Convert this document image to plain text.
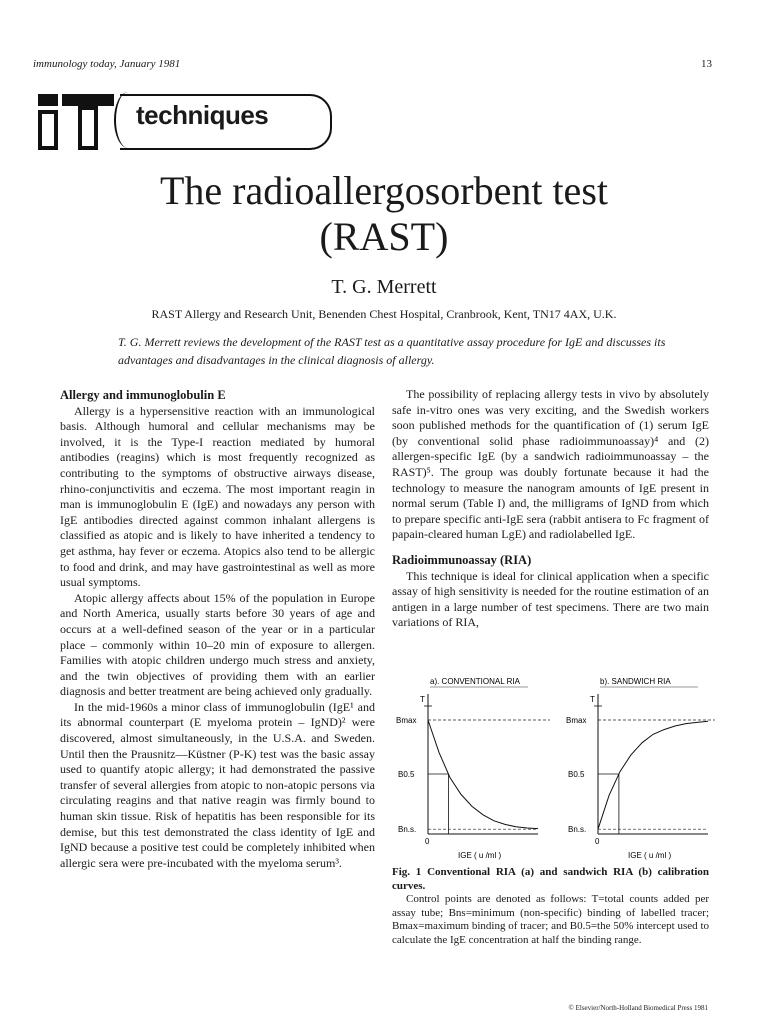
immunology today, January 1981	13
techniques
The radioallergosorbent test
(RAST)
T. G. Merrett
RAST Allergy and Research Unit, Benenden Chest Hospital, Cranbrook, Kent, TN17 4AX, U.K.
T. G. Merrett reviews the development of the RAST test as a quantitative assay procedure for IgE and discusses its advantages and disadvantages in the clinical diagnosis of allergy.
Allergy and immunoglobulin E

Allergy is a hypersensitive reaction with an immunological basis. Although humoral and cellular mechanisms may be involved, it is the Type-I reaction mediated by humoral antibodies (reagins) which is most frequently recognized as contributing to the symptoms of obstructive airways disease, rhino-conjunctivitis and eczema. The most important reagin in man is immunoglobulin E (IgE) and nowadays any person with IgE antibodies directed against common inhalant allergens is classified as atopic and is likely to have inherited a tendency to get asthma, hay fever or eczema. Atopics also tend to be allergic to food and drink, and may have gastrointestinal as well as more usual symptoms.

Atopic allergy affects about 15% of the population in Europe and North America, usually starts before 30 years of age and occurs at a well-defined season of the year or in a particular place – commonly within 10–20 min of exposure to allergen. Families with atopic children undergo much stress and anxiety, and the twin objectives of providing them with an earlier diagnosis and better treatment are being achieved only gradually.

In the mid-1960s a minor class of immunoglobulin (IgE¹ and its abnormal counterpart (E myeloma protein – IgND)² were discovered, almost simultaneously, in the U.S.A. and Sweden. Until then the Prausnitz—Küstner (P-K) test was the basic assay used to quantify atopic allergy; it had demonstrated the passive transfer of several allergies from atopic to non-atopic persons via circulating reagins and that native reagin was firmly bound to human skin tissue. Risk of hepatitis has been responsible for its demise, but this test demonstrated the class identity of IgE and IgND because a positive test could be completely inhibited when allergic sera were pre-incubated with the myeloma serum³.

The possibility of replacing allergy tests in vivo by absolutely safe in-vitro ones was very exciting, and the Swedish workers soon published methods for the quantification of (1) serum IgE (by conventional solid phase radioimmunoassay)⁴ and (2) allergen-specific IgE (by a sandwich radioimmunoassay – the RAST)⁵. The group was doubly fortunate because it had the technology to measure the nanogram amounts of IgE present in normal serum (Table I) and, the milligrams of IgND from which to prepare specific anti-IgE sera (rabbit antisera to Fc fragment of papain-cleared human LgE) and radiolabelled IgE.

Radioimmunoassay (RIA)

This technique is ideal for clinical application when a specific assay of high sensitivity is needed for the routine estimation of an antigen in a large number of test specimens. There are two main variations of RIA,

a). CONVENTIONAL RIA
T
Bmax
B0.5
Bn.s.
0
IGE ( u /ml )
b). SANDWICH RIA
T
Bmax
B0.5
Bn.s.
0
IGE ( u /ml )
Fig. 1 Conventional RIA (a) and sandwich RIA (b) calibration curves.
Control points are denoted as follows: T=total counts added per assay tube; Bns=minimum (non-specific) binding of labelled tracer; Bmax=maximum binding of tracer; and B0.5=the 50% intercept used to calculate the IgE concentration at half the binding range.
© Elsevier/North-Holland Biomedical Press 1981
